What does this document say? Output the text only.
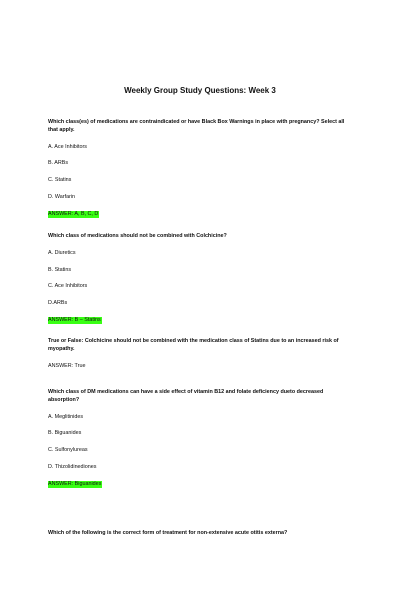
Weekly Group Study Questions: Week 3
Which class(es) of medications are contraindicated or have Black Box Warnings in place with pregnancy? Select all that apply.
A. Ace Inhibitors
B. ARBs
C. Statins
D. Warfarin
ANSWER: A, B, C, D
Which class of medications should not be combined with Colchicine?
A. Diuretics
B. Statins
C. Ace Inhibitors
D.ARBs
ANSWER: B – Statins
True or False: Colchicine should not be combined with the medication class of Statins due to an increased risk of myopathy.
ANSWER: True
Which class of DM medications can have a side effect of vitamin B12 and folate deficiency dueto decreased absorption?
A. Meglitinides
B. Biguanides
C. Sulfonylureas
D. Thizolidinediones
ANSWER: Biguanides
Which of the following is the correct form of treatment for non-extensive acute otitis externa?
